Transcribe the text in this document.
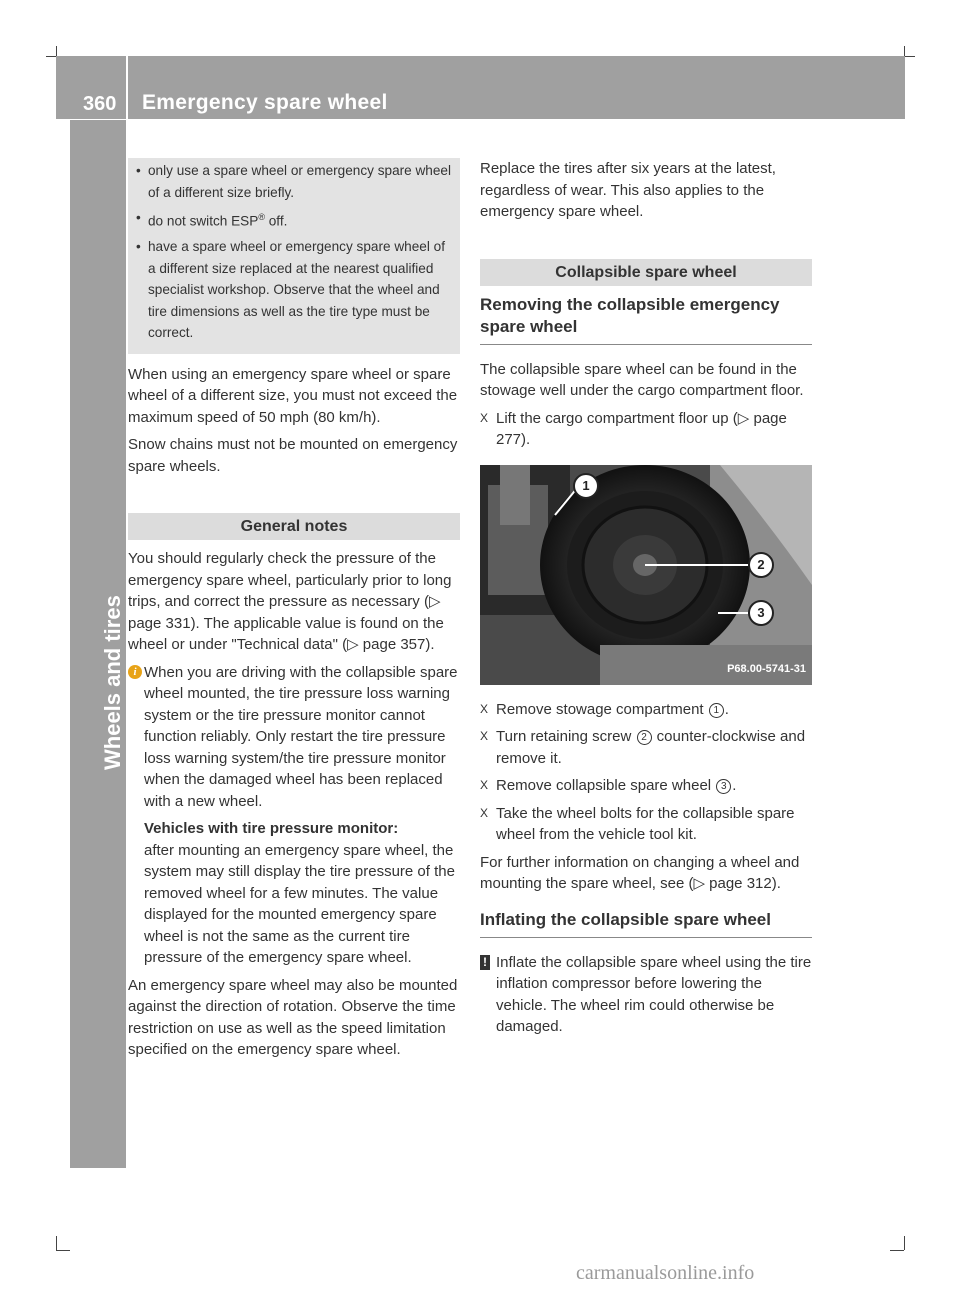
360 Emergency spare wheel
Wheels and tires
• only use a spare wheel or emergency spare wheel of a different size briefly.
• do not switch ESP® off.
• have a spare wheel or emergency spare wheel of a different size replaced at the nearest qualified specialist workshop. Observe that the wheel and tire dimensions as well as the tire type must be correct.

When using an emergency spare wheel or spare wheel of a different size, you must not exceed the maximum speed of 50 mph (80 km/h).

Snow chains must not be mounted on emergency spare wheels.

General notes

You should regularly check the pressure of the emergency spare wheel, particularly prior to long trips, and correct the pressure as necessary (▷ page 331). The applicable value is found on the wheel or under "Technical data" (▷ page 357).

i When you are driving with the collapsible spare wheel mounted, the tire pressure loss warning system or the tire pressure monitor cannot function reliably. Only restart the tire pressure loss warning system/the tire pressure monitor when the damaged wheel has been replaced with a new wheel.

Vehicles with tire pressure monitor:

after mounting an emergency spare wheel, the system may still display the tire pressure of the removed wheel for a few minutes. The value displayed for the mounted emergency spare wheel is not the same as the current tire pressure of the emergency spare wheel.

An emergency spare wheel may also be mounted against the direction of rotation. Observe the time restriction on use as well as the speed limitation specified on the emergency spare wheel.

Replace the tires after six years at the latest, regardless of wear. This also applies to the emergency spare wheel.

Collapsible spare wheel
Removing the collapsible emergency spare wheel

The collapsible spare wheel can be found in the stowage well under the cargo compartment floor.

X Lift the cargo compartment floor up (▷ page 277).
1
2
3
P68.00-5741-31
X Remove stowage compartment 1 .
X Turn retaining screw 2 counter-clockwise and remove it.
X Remove collapsible spare wheel 3 .
X Take the wheel bolts for the collapsible spare wheel from the vehicle tool kit.

For further information on changing a wheel and mounting the spare wheel, see (▷ page 312).

Inflating the collapsible spare wheel
! Inflate the collapsible spare wheel using the tire inflation compressor before lowering the vehicle. The wheel rim could otherwise be damaged.

carmanualsonline.info
